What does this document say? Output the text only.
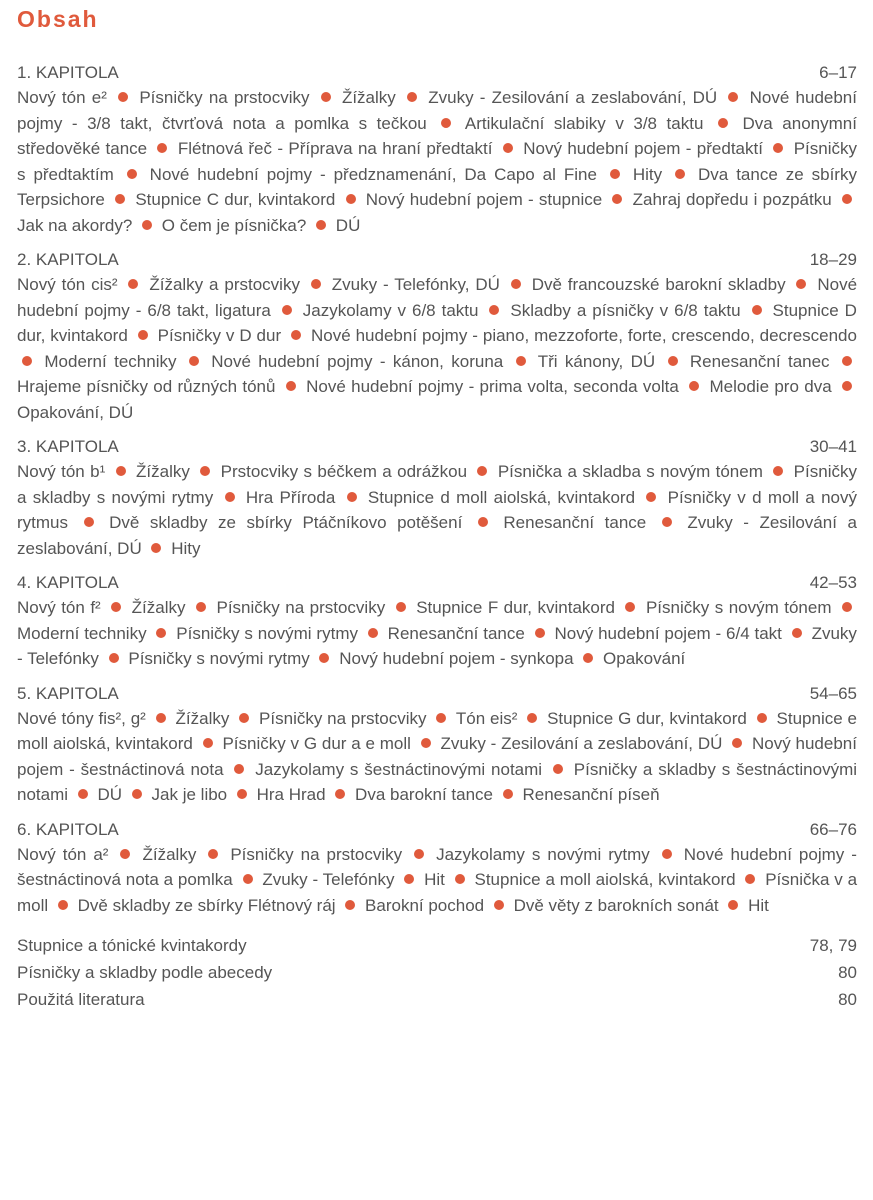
Obsah
1. KAPITOLA	6–17
Nový tón e² Písničky na prstocviky Žížalky Zvuky - Zesilování a zeslabování, DÚ Nové hudební pojmy - 3/8 takt, čtvrťová nota a pomlka s tečkou Artikulační slabiky v 3/8 taktu Dva anonymní středověké tance Flétnová řeč - Příprava na hraní předtaktí Nový hudební pojem - předtaktí Písničky s předtaktím Nové hudební pojmy - předznamenání, Da Capo al Fine Hity Dva tance ze sbírky Terpsichore Stupnice C dur, kvintakord Nový hudební pojem - stupnice Zahraj dopředu i pozpátku  Jak na akordy? O čem je písnička? DÚ
2. KAPITOLA	18–29
Nový tón cis² Žížalky a prstocviky Zvuky - Telefónky, DÚ Dvě francouzské barokní skladby Nové hudební pojmy - 6/8 takt, ligatura Jazykolamy v 6/8 taktu Skladby a písničky v 6/8 taktu Stupnice D dur, kvintakord Písničky v D dur Nové hudební pojmy - piano, mezzoforte, forte, crescendo, decrescendo  Moderní techniky Nové hudební pojmy - kánon, koruna Tři kánony, DÚ Renesanční tanec  Hrajeme písničky od různých tónů Nové hudební pojmy - prima volta, seconda volta Melodie pro dva  Opakování, DÚ
3. KAPITOLA	30–41
Nový tón b¹ Žížalky Prstocviky s béčkem a odrážkou Písnička a skladba s novým tónem Písničky a skladby s novými rytmy Hra Příroda Stupnice d moll aiolská, kvintakord Písničky v d moll a nový rytmus Dvě skladby ze sbírky Ptáčníkovo potěšení Renesanční tance Zvuky - Zesilování a zeslabování, DÚ Hity
4. KAPITOLA	42–53
Nový tón f² Žížalky Písničky na prstocviky Stupnice F dur, kvintakord Písničky s novým tónem  Moderní techniky Písničky s novými rytmy Renesanční tance Nový hudební pojem - 6/4 takt Zvuky - Telefónky Písničky s novými rytmy Nový hudební pojem - synkopa Opakování
5. KAPITOLA	54–65
Nové tóny fis², g² Žížalky Písničky na prstocviky Tón eis² Stupnice G dur, kvintakord Stupnice e moll aiolská, kvintakord Písničky v G dur a e moll Zvuky - Zesilování a zeslabování, DÚ Nový hudební pojem - šestnáctinová nota Jazykolamy s šestnáctinovými notami Písničky a skladby s šestnáctinovými notami DÚ Jak je libo Hra Hrad Dva barokní tance Renesanční píseň
6. KAPITOLA	66–76
Nový tón a² Žížalky Písničky na prstocviky Jazykolamy s novými rytmy Nové hudební pojmy - šestnáctinová nota a pomlka Zvuky - Telefónky Hit Stupnice a moll aiolská, kvintakord Písnička v a moll Dvě skladby ze sbírky Flétnový ráj Barokní pochod Dvě věty z barokních sonát Hit
Stupnice a tónické kvintakordy	78, 79
Písničky a skladby podle abecedy	80
Použitá literatura	80
